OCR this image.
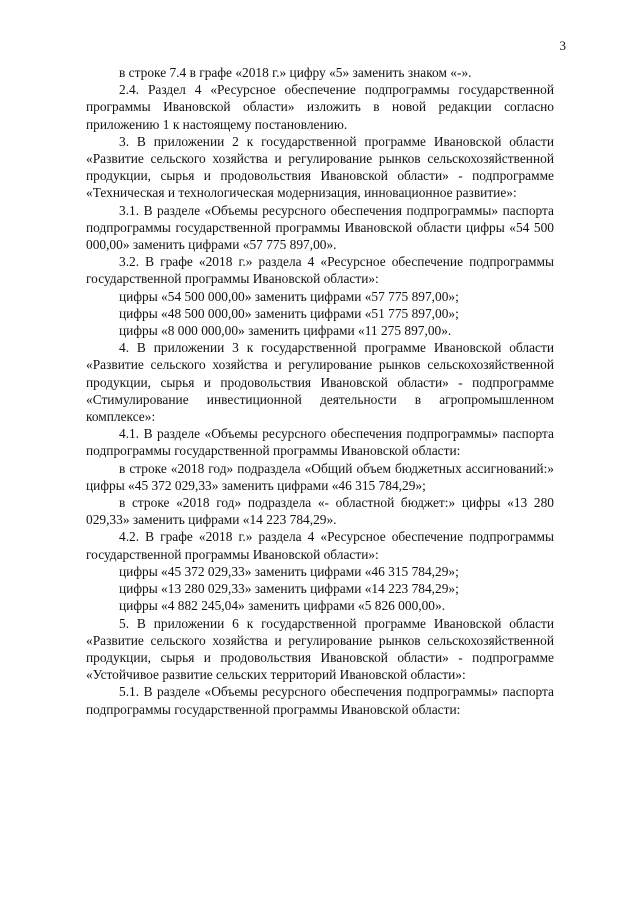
3

в строке 7.4 в графе «2018 г.» цифру «5» заменить знаком «-».

2.4. Раздел 4 «Ресурсное обеспечение подпрограммы государственной программы Ивановской области» изложить в новой редакции согласно приложению 1 к настоящему постановлению.

3. В приложении 2 к государственной программе Ивановской области «Развитие сельского хозяйства и регулирование рынков сельскохозяйственной продукции, сырья и продовольствия Ивановской области» - подпрограмме «Техническая и технологическая модернизация, инновационное развитие»:

3.1. В разделе «Объемы ресурсного обеспечения подпрограммы» паспорта подпрограммы государственной программы Ивановской области цифры «54 500 000,00» заменить цифрами «57 775 897,00».

3.2. В графе «2018 г.» раздела 4 «Ресурсное обеспечение подпрограммы государственной программы Ивановской области»:

цифры «54 500 000,00» заменить цифрами «57 775 897,00»;

цифры «48 500 000,00» заменить цифрами «51 775 897,00»;

цифры «8 000 000,00» заменить цифрами «11 275 897,00».

4. В приложении 3 к государственной программе Ивановской области «Развитие сельского хозяйства и регулирование рынков сельскохозяйственной продукции, сырья и продовольствия Ивановской области» - подпрограмме «Стимулирование инвестиционной деятельности в агропромышленном комплексе»:

4.1. В разделе «Объемы ресурсного обеспечения подпрограммы» паспорта подпрограммы государственной программы Ивановской области:

в строке «2018 год» подраздела «Общий объем бюджетных ассигнований:» цифры «45 372 029,33» заменить цифрами «46 315 784,29»;

в строке «2018 год» подраздела «- областной бюджет:» цифры «13 280 029,33» заменить цифрами «14 223 784,29».

4.2. В графе «2018 г.» раздела 4 «Ресурсное обеспечение подпрограммы государственной программы Ивановской области»:

цифры «45 372 029,33» заменить цифрами «46 315 784,29»;

цифры «13 280 029,33» заменить цифрами «14 223 784,29»;

цифры «4 882 245,04» заменить цифрами «5 826 000,00».

5. В приложении 6 к государственной программе Ивановской области «Развитие сельского хозяйства и регулирование рынков сельскохозяйственной продукции, сырья и продовольствия Ивановской области» - подпрограмме «Устойчивое развитие сельских территорий Ивановской области»:

5.1. В разделе «Объемы ресурсного обеспечения подпрограммы» паспорта подпрограммы государственной программы Ивановской области:
